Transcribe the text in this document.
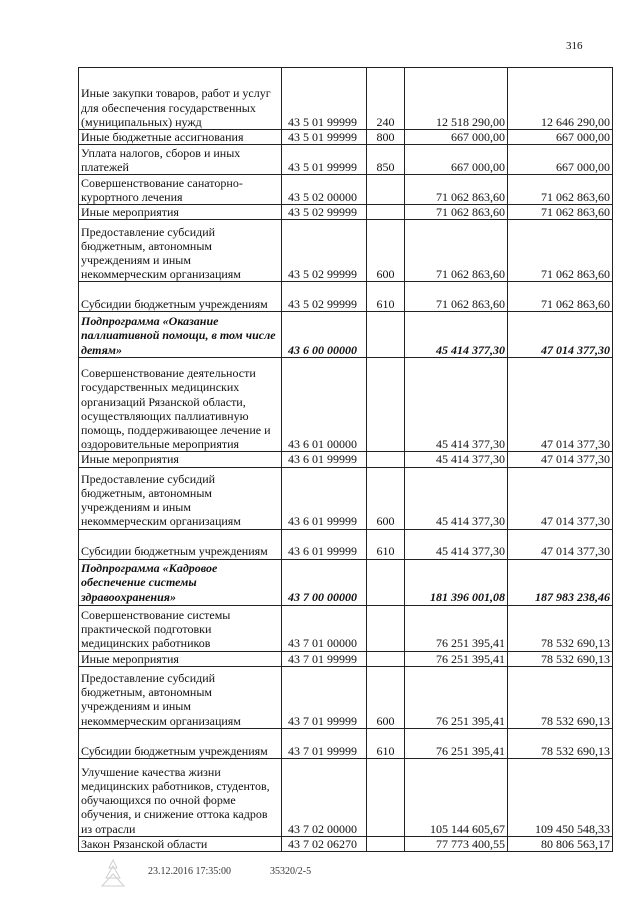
316
Иные закупки товаров, работ и услуг для обеспечения государственных (муниципальных) нужд	43 5 01 99999	240	12 518 290,00	12 646 290,00
Иные бюджетные ассигнования	43 5 01 99999	800	667 000,00	667 000,00
Уплата налогов, сборов и иных платежей	43 5 01 99999	850	667 000,00	667 000,00
Совершенствование санаторно-курортного лечения	43 5 02 00000		71 062 863,60	71 062 863,60
Иные мероприятия	43 5 02 99999		71 062 863,60	71 062 863,60
Предоставление субсидий бюджетным, автономным учреждениям и иным некоммерческим организациям	43 5 02 99999	600	71 062 863,60	71 062 863,60
Субсидии бюджетным учреждениям	43 5 02 99999	610	71 062 863,60	71 062 863,60
Подпрограмма «Оказание паллиативной помощи, в том числе детям»	43 6 00 00000		45 414 377,30	47 014 377,30
Совершенствование деятельности государственных медицинских организаций Рязанской области, осуществляющих паллиативную помощь, поддерживающее лечение и оздоровительные мероприятия	43 6 01 00000		45 414 377,30	47 014 377,30
Иные мероприятия	43 6 01 99999		45 414 377,30	47 014 377,30
Предоставление субсидий бюджетным, автономным учреждениям и иным некоммерческим организациям	43 6 01 99999	600	45 414 377,30	47 014 377,30
Субсидии бюджетным учреждениям	43 6 01 99999	610	45 414 377,30	47 014 377,30
Подпрограмма «Кадровое обеспечение системы здравоохранения»	43 7 00 00000		181 396 001,08	187 983 238,46
Совершенствование системы практической подготовки медицинских работников	43 7 01 00000		76 251 395,41	78 532 690,13
Иные мероприятия	43 7 01 99999		76 251 395,41	78 532 690,13
Предоставление субсидий бюджетным, автономным учреждениям и иным некоммерческим организациям	43 7 01 99999	600	76 251 395,41	78 532 690,13
Субсидии бюджетным учреждениям	43 7 01 99999	610	76 251 395,41	78 532 690,13
Улучшение качества жизни медицинских работников, студентов, обучающихся по очной форме обучения, и снижение оттока кадров из отрасли	43 7 02 00000		105 144 605,67	109 450 548,33
Закон Рязанской области	43 7 02 06270		77 773 400,55	80 806 563,17
23.12.2016 17:35:00	35320/2-5
